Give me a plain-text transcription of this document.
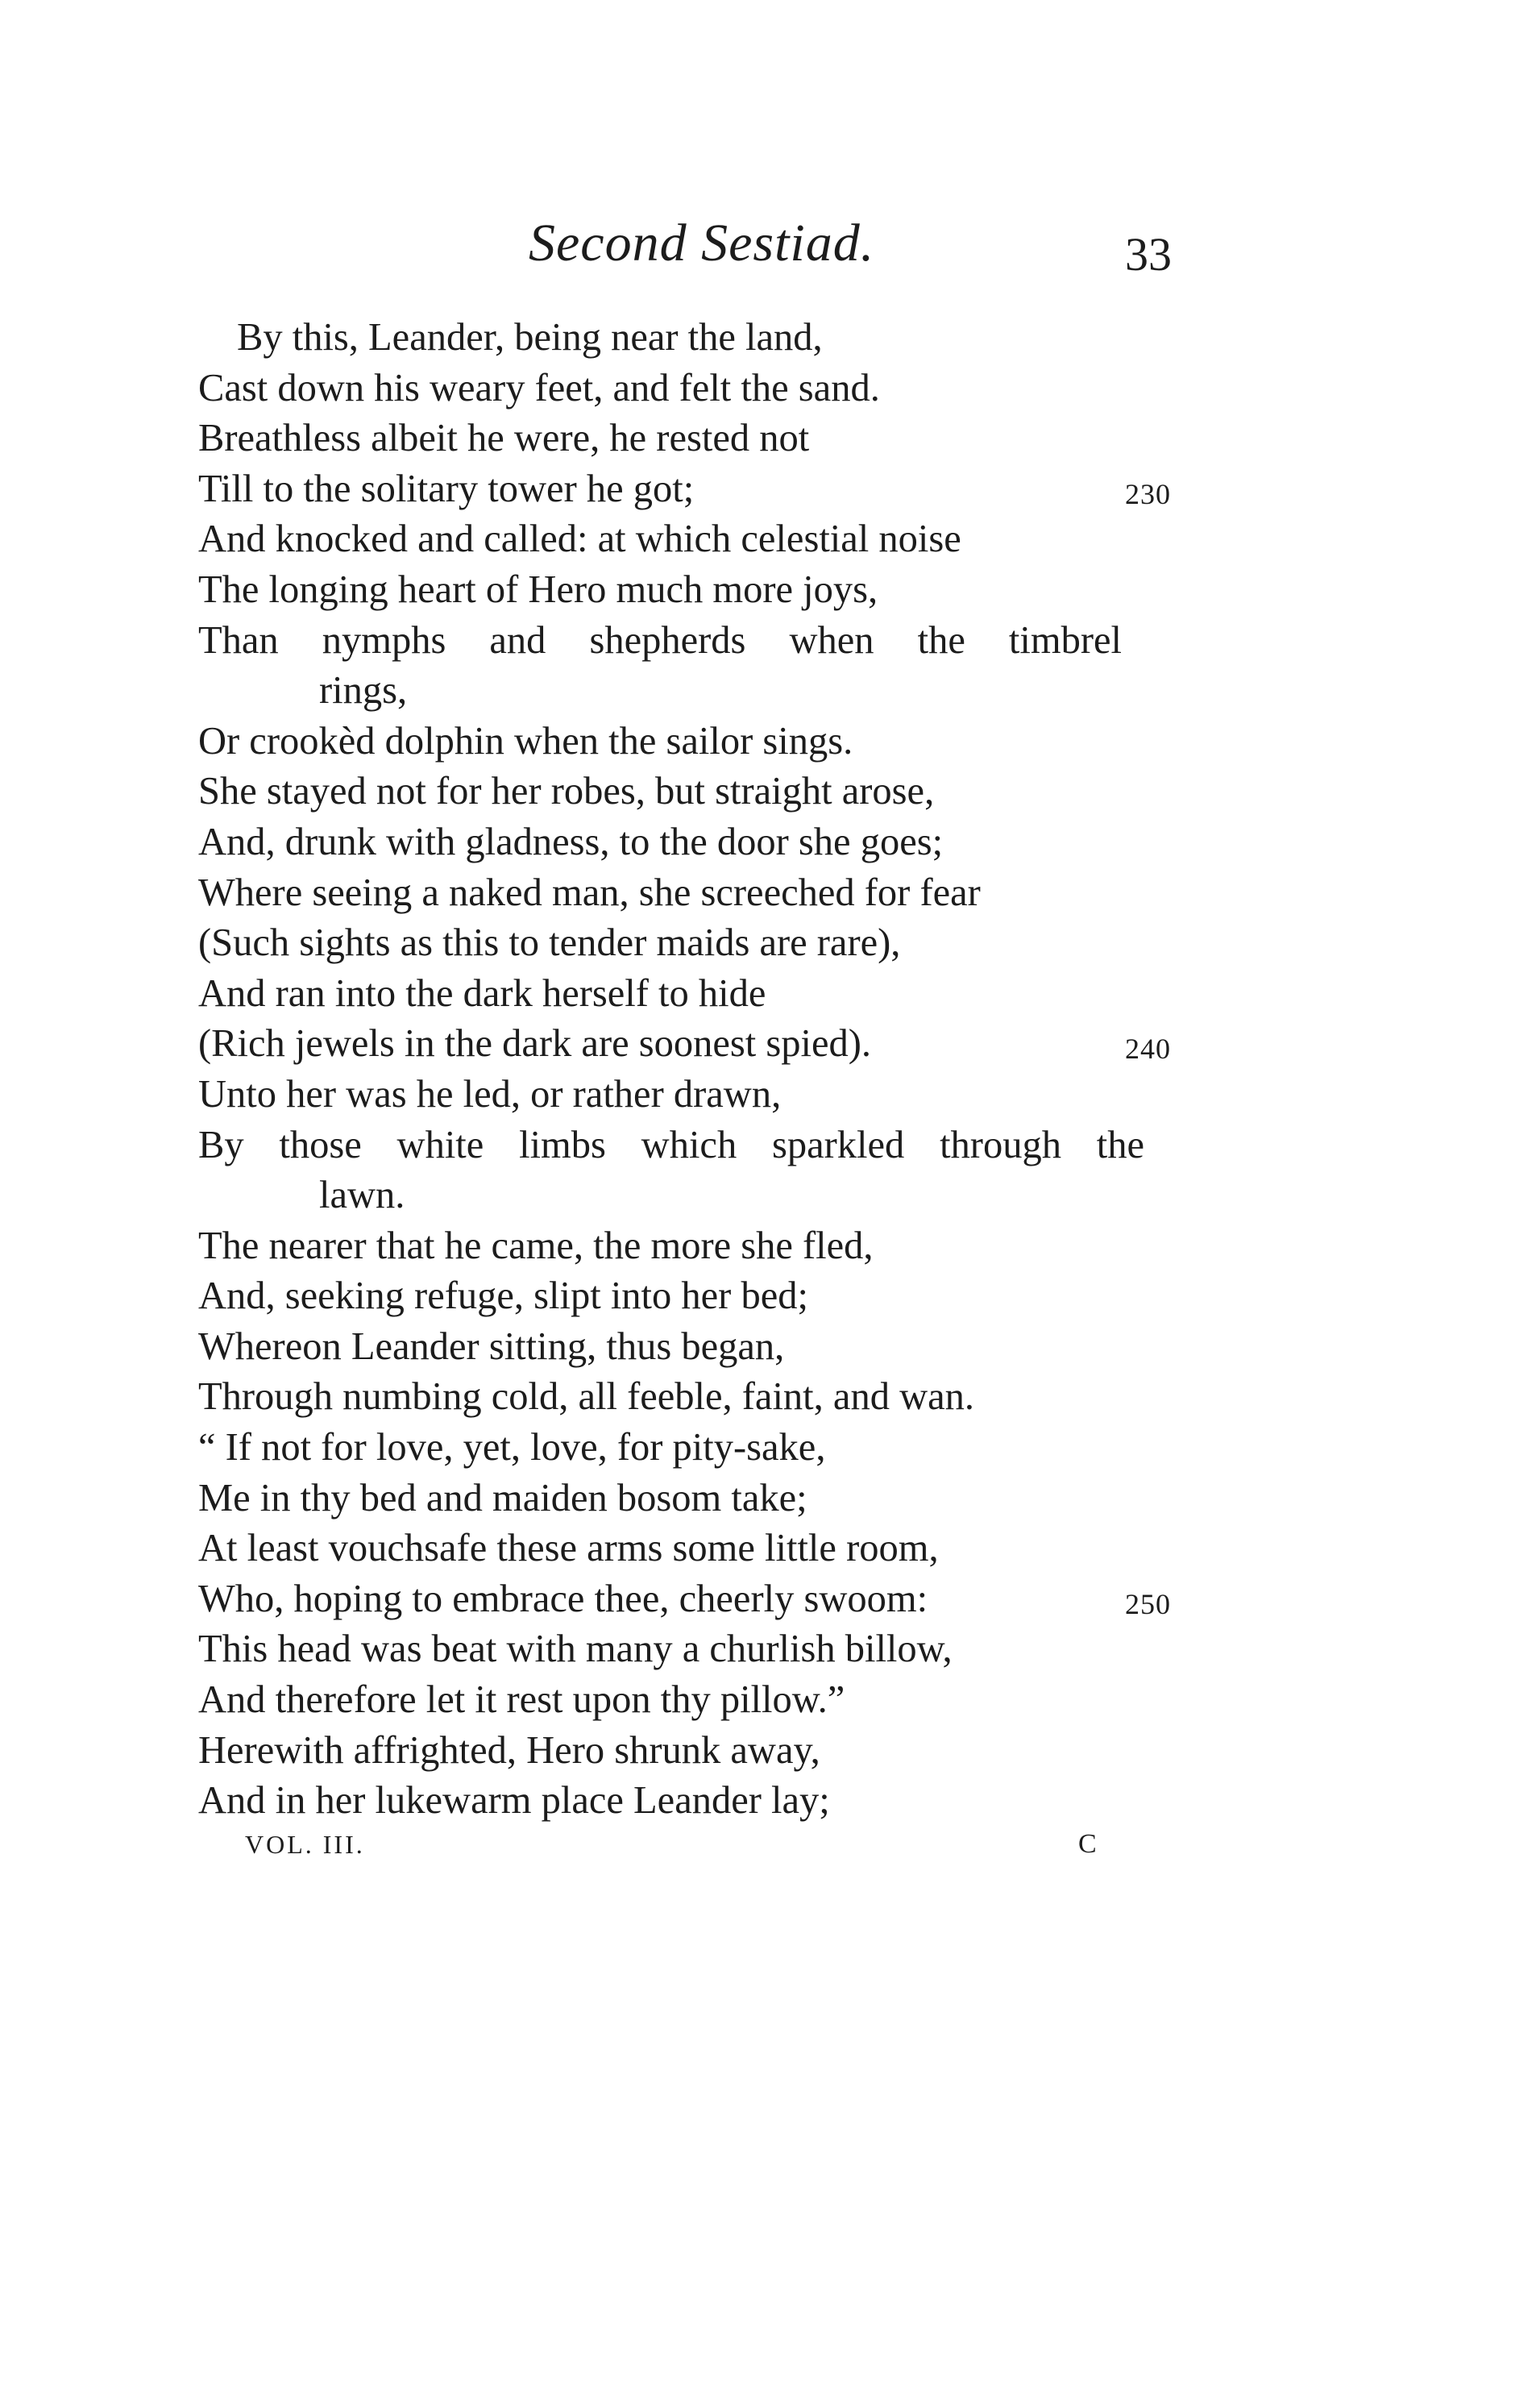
Second Sestiad.	33
By this, Leander, being near the land,
Cast down his weary feet, and felt the sand.
Breathless albeit he were, he rested not
Till to the solitary tower he got;	230
And knocked and called: at which celestial noise
The longing heart of Hero much more joys,
Than nymphs and shepherds when the timbrel
rings,
Or crookèd dolphin when the sailor sings.
She stayed not for her robes, but straight arose,
And, drunk with gladness, to the door she goes;
Where seeing a naked man, she screeched for fear
(Such sights as this to tender maids are rare),
And ran into the dark herself to hide
(Rich jewels in the dark are soonest spied).	240
Unto her was he led, or rather drawn,
By those white limbs which sparkled through the
lawn.
The nearer that he came, the more she fled,
And, seeking refuge, slipt into her bed;
Whereon Leander sitting, thus began,
Through numbing cold, all feeble, faint, and wan.
“ If not for love, yet, love, for pity-sake,
Me in thy bed and maiden bosom take;
At least vouchsafe these arms some little room,
Who, hoping to embrace thee, cheerly swoom:	250
This head was beat with many a churlish billow,
And therefore let it rest upon thy pillow.”
Herewith affrighted, Hero shrunk away,
And in her lukewarm place Leander lay;
VOL. III.	C
